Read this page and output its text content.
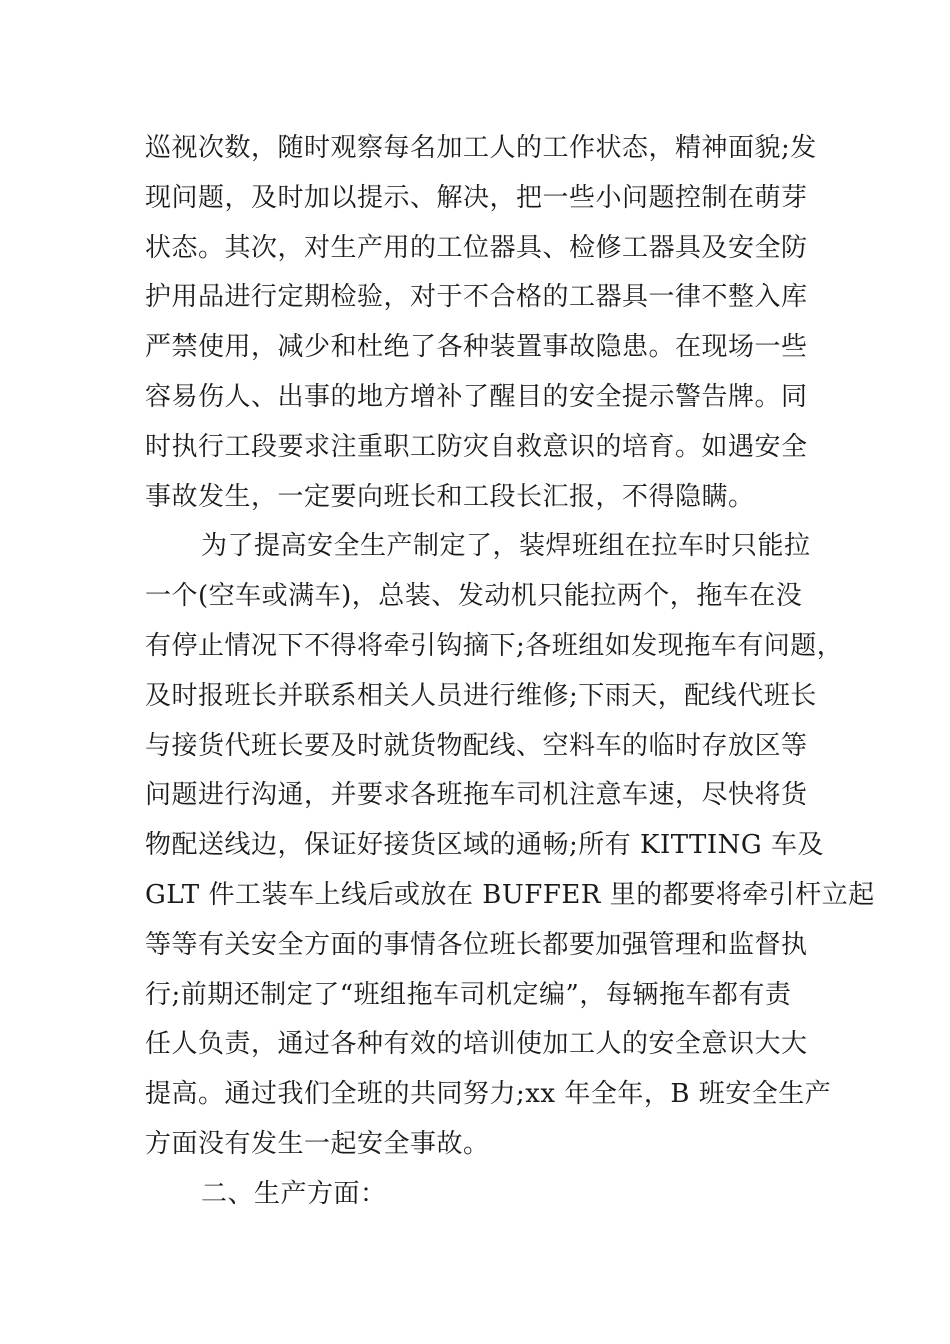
巡视次数，随时观察每名加工人的工作状态，精神面貌;发
现问题，及时加以提示、解决，把一些小问题控制在萌芽
状态。其次，对生产用的工位器具、检修工器具及安全防
护用品进行定期检验，对于不合格的工器具一律不整入库
严禁使用，减少和杜绝了各种装置事故隐患。在现场一些
容易伤人、出事的地方增补了醒目的安全提示警告牌。同
时执行工段要求注重职工防灾自救意识的培育。如遇安全
事故发生，一定要向班长和工段长汇报，不得隐瞒。
为了提高安全生产制定了，装焊班组在拉车时只能拉
一个(空车或满车)，总装、发动机只能拉两个，拖车在没
有停止情况下不得将牵引钩摘下;各班组如发现拖车有问题，
及时报班长并联系相关人员进行维修;下雨天，配线代班长
与接货代班长要及时就货物配线、空料车的临时存放区等
问题进行沟通，并要求各班拖车司机注意车速，尽快将货
物配送线边，保证好接货区域的通畅;所有 KITTING 车及
GLT 件工装车上线后或放在 BUFFER 里的都要将牵引杆立起
等等有关安全方面的事情各位班长都要加强管理和监督执
行;前期还制定了“班组拖车司机定编”，每辆拖车都有责
任人负责，通过各种有效的培训使加工人的安全意识大大
提高。通过我们全班的共同努力;xx 年全年，B 班安全生产
方面没有发生一起安全事故。
二、生产方面：
